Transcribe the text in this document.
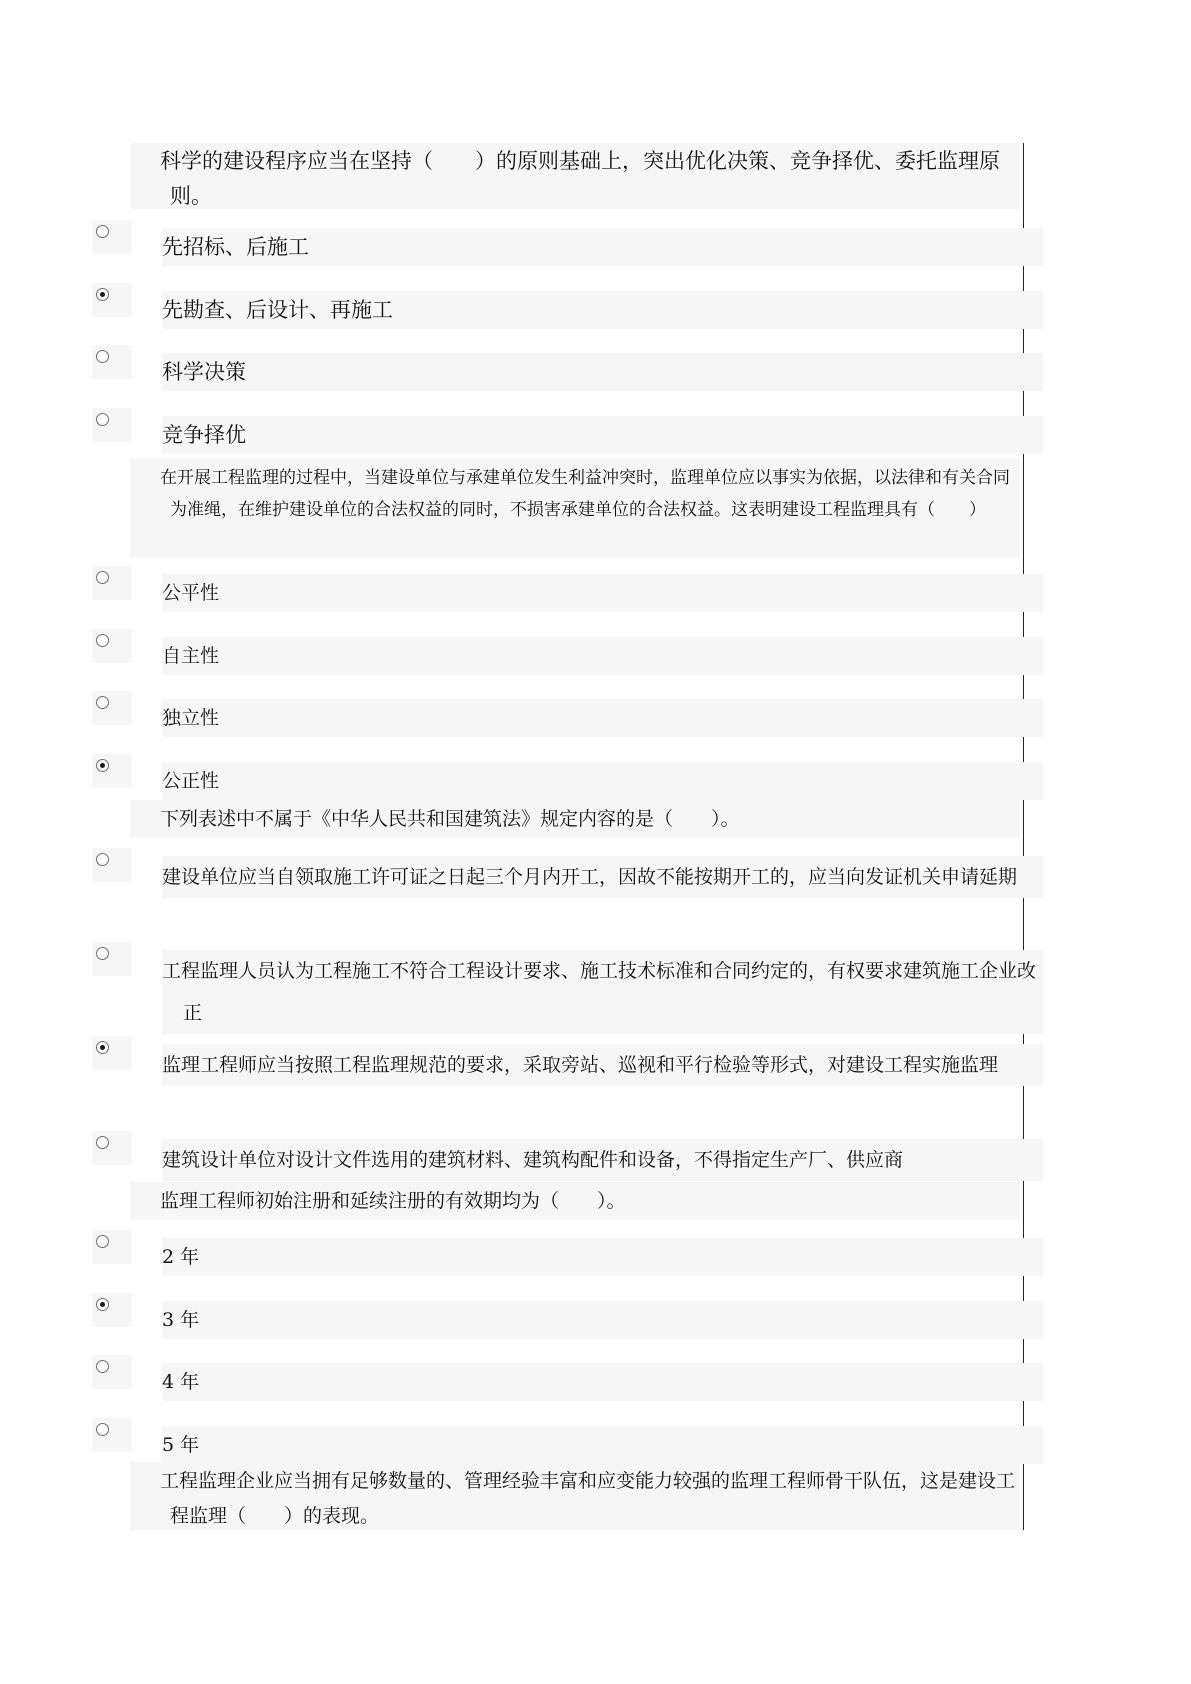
科学的建设程序应当在坚持（　　）的原则基础上，突出优化决策、竞争择优、委托监理原则。

先招标、后施工

先勘查、后设计、再施工

科学决策

竞争择优

在开展工程监理的过程中，当建设单位与承建单位发生利益冲突时，监理单位应以事实为依据，以法律和有关合同为准绳，在维护建设单位的合法权益的同时，不损害承建单位的合法权益。这表明建设工程监理具有（　　）

公平性

自主性

独立性

公正性

下列表述中不属于《中华人民共和国建筑法》规定内容的是（　　）。

建设单位应当自领取施工许可证之日起三个月内开工，因故不能按期开工的，应当向发证机关申请延期

工程监理人员认为工程施工不符合工程设计要求、施工技术标准和合同约定的，有权要求建筑施工企业改正

监理工程师应当按照工程监理规范的要求，采取旁站、巡视和平行检验等形式，对建设工程实施监理

建筑设计单位对设计文件选用的建筑材料、建筑构配件和设备，不得指定生产厂、供应商

监理工程师初始注册和延续注册的有效期均为（　　）。

2 年

3 年

4 年

5 年

工程监理企业应当拥有足够数量的、管理经验丰富和应变能力较强的监理工程师骨干队伍，这是建设工程监理（　　）的表现。
